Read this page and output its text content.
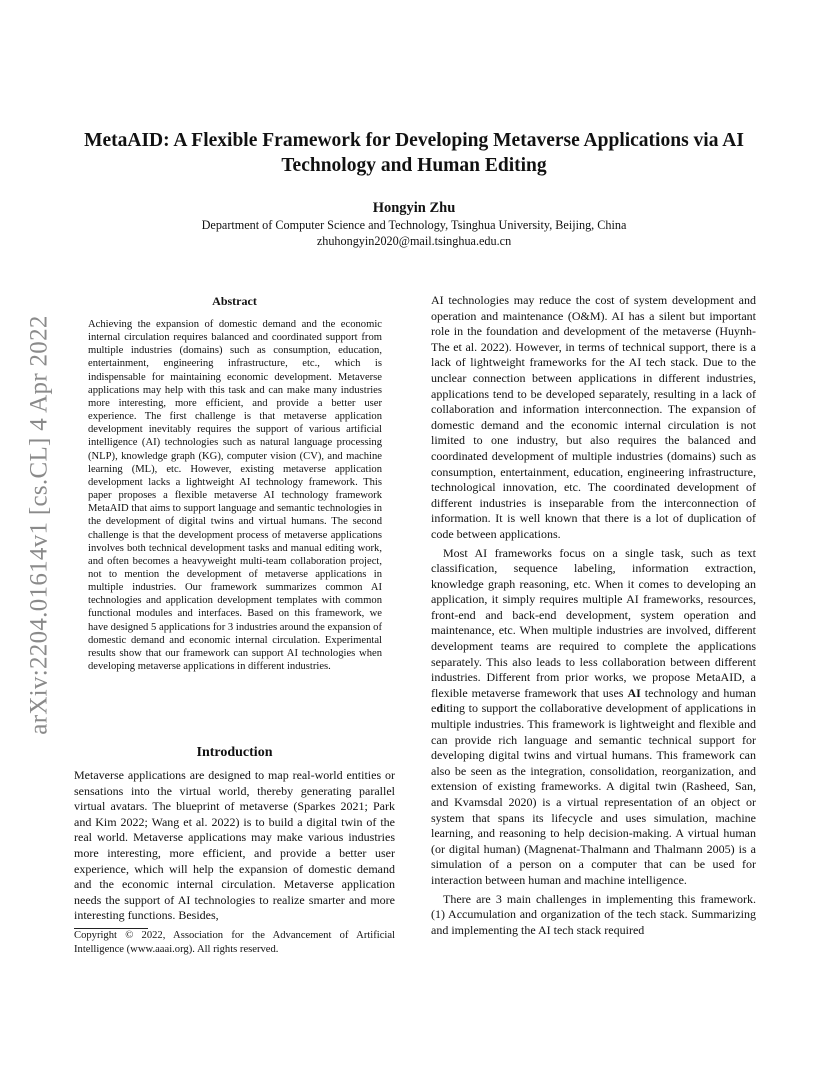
arXiv:2204.01614v1 [cs.CL] 4 Apr 2022
MetaAID: A Flexible Framework for Developing Metaverse Applications via AI Technology and Human Editing
Hongyin Zhu
Department of Computer Science and Technology, Tsinghua University, Beijing, China
zhuhongyin2020@mail.tsinghua.edu.cn
Abstract
Achieving the expansion of domestic demand and the economic internal circulation requires balanced and coordinated support from multiple industries (domains) such as consumption, education, entertainment, engineering infrastructure, etc., which is indispensable for maintaining economic development. Metaverse applications may help with this task and can make many industries more interesting, more efficient, and provide a better user experience. The first challenge is that metaverse application development inevitably requires the support of various artificial intelligence (AI) technologies such as natural language processing (NLP), knowledge graph (KG), computer vision (CV), and machine learning (ML), etc. However, existing metaverse application development lacks a lightweight AI technology framework. This paper proposes a flexible metaverse AI technology framework MetaAID that aims to support language and semantic technologies in the development of digital twins and virtual humans. The second challenge is that the development process of metaverse applications involves both technical development tasks and manual editing work, and often becomes a heavyweight multi-team collaboration project, not to mention the development of metaverse applications in multiple industries. Our framework summarizes common AI technologies and application development templates with common functional modules and interfaces. Based on this framework, we have designed 5 applications for 3 industries around the expansion of domestic demand and economic internal circulation. Experimental results show that our framework can support AI technologies when developing metaverse applications in different industries.
Introduction
Metaverse applications are designed to map real-world entities or sensations into the virtual world, thereby generating parallel virtual avatars. The blueprint of metaverse (Sparkes 2021; Park and Kim 2022; Wang et al. 2022) is to build a digital twin of the real world. Metaverse applications may make various industries more interesting, more efficient, and provide a better user experience, which will help the expansion of domestic demand and the economic internal circulation. Metaverse application needs the support of AI technologies to realize smarter and more interesting functions. Besides,
Copyright © 2022, Association for the Advancement of Artificial Intelligence (www.aaai.org). All rights reserved.

AI technologies may reduce the cost of system development and operation and maintenance (O&M). AI has a silent but important role in the foundation and development of the metaverse (Huynh-The et al. 2022). However, in terms of technical support, there is a lack of lightweight frameworks for the AI tech stack. Due to the unclear connection between applications in different industries, applications tend to be developed separately, resulting in a lack of collaboration and information interconnection. The expansion of domestic demand and the economic internal circulation is not limited to one industry, but also requires the balanced and coordinated development of multiple industries (domains) such as consumption, entertainment, education, engineering infrastructure, technological innovation, etc. The coordinated development of different industries is inseparable from the interconnection of information. It is well known that there is a lot of duplication of code between applications.

Most AI frameworks focus on a single task, such as text classification, sequence labeling, information extraction, knowledge graph reasoning, etc. When it comes to developing an application, it simply requires multiple AI frameworks, resources, front-end and back-end development, system operation and maintenance, etc. When multiple industries are involved, different development teams are required to complete the applications separately. This also leads to less collaboration between different industries. Different from prior works, we propose MetaAID, a flexible metaverse framework that uses AI technology and human editing to support the collaborative development of applications in multiple industries. This framework is lightweight and flexible and can provide rich language and semantic technical support for developing digital twins and virtual humans. This framework can also be seen as the integration, consolidation, reorganization, and extension of existing frameworks. A digital twin (Rasheed, San, and Kvamsdal 2020) is a virtual representation of an object or system that spans its lifecycle and uses simulation, machine learning, and reasoning to help decision-making. A virtual human (or digital human) (Magnenat-Thalmann and Thalmann 2005) is a simulation of a person on a computer that can be used for interaction between human and machine intelligence.

There are 3 main challenges in implementing this framework. (1) Accumulation and organization of the tech stack. Summarizing and implementing the AI tech stack required
